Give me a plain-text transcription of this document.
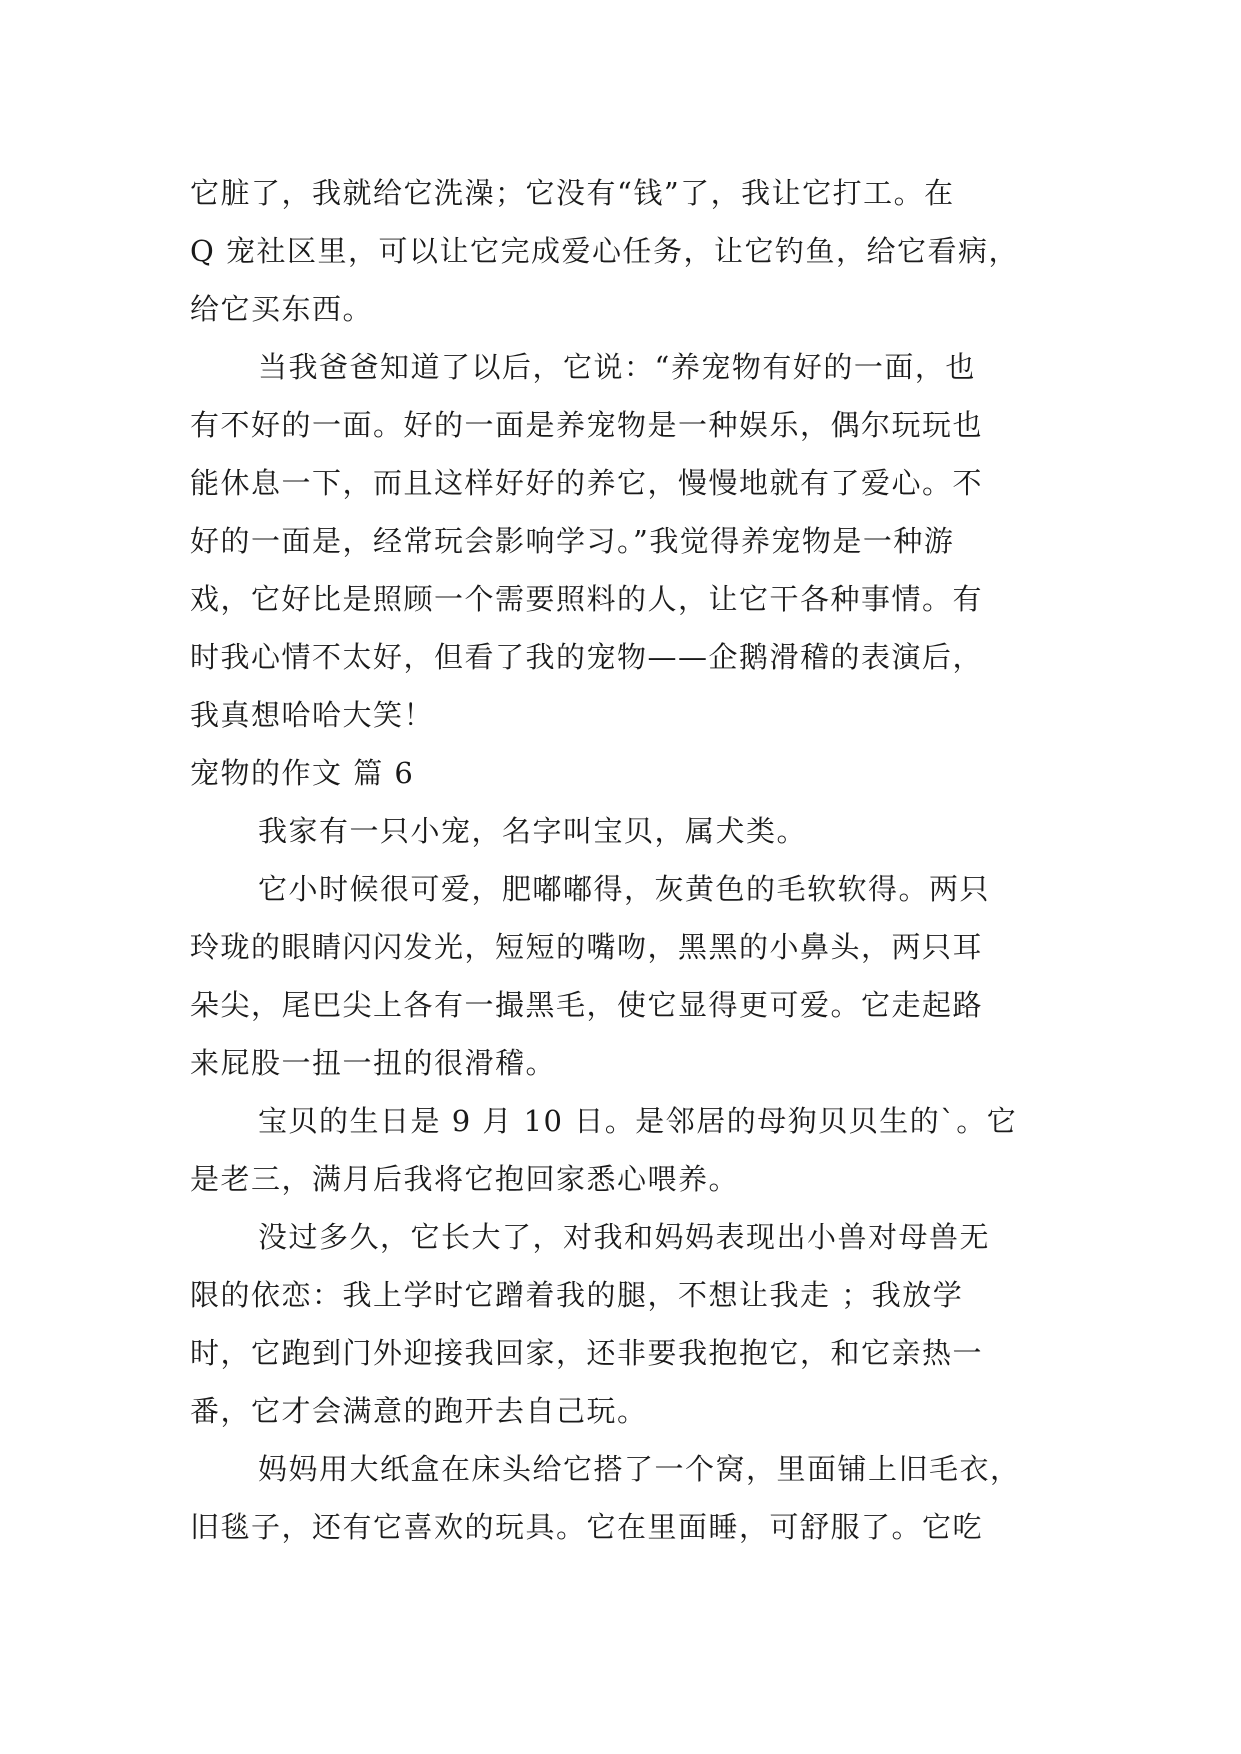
它脏了，我就给它洗澡；它没有“钱”了，我让它打工。在
Q 宠社区里，可以让它完成爱心任务，让它钓鱼，给它看病，
给它买东西。
当我爸爸知道了以后，它说：“养宠物有好的一面，也
有不好的一面。好的一面是养宠物是一种娱乐，偶尔玩玩也
能休息一下，而且这样好好的养它，慢慢地就有了爱心。不
好的一面是，经常玩会影响学习。”我觉得养宠物是一种游
戏，它好比是照顾一个需要照料的人，让它干各种事情。有
时我心情不太好，但看了我的宠物——企鹅滑稽的表演后，
我真想哈哈大笑！
宠物的作文 篇 6
我家有一只小宠，名字叫宝贝，属犬类。
它小时候很可爱，肥嘟嘟得，灰黄色的毛软软得。两只
玲珑的眼睛闪闪发光，短短的嘴吻，黑黑的小鼻头，两只耳
朵尖，尾巴尖上各有一撮黑毛，使它显得更可爱。它走起路
来屁股一扭一扭的很滑稽。
宝贝的生日是 9 月 10 日。是邻居的母狗贝贝生的`。它
是老三，满月后我将它抱回家悉心喂养。
没过多久，它长大了，对我和妈妈表现出小兽对母兽无
限的依恋：我上学时它蹭着我的腿，不想让我走 ；我放学
时，它跑到门外迎接我回家，还非要我抱抱它，和它亲热一
番，它才会满意的跑开去自己玩。
妈妈用大纸盒在床头给它搭了一个窝，里面铺上旧毛衣，
旧毯子，还有它喜欢的玩具。它在里面睡，可舒服了。它吃
